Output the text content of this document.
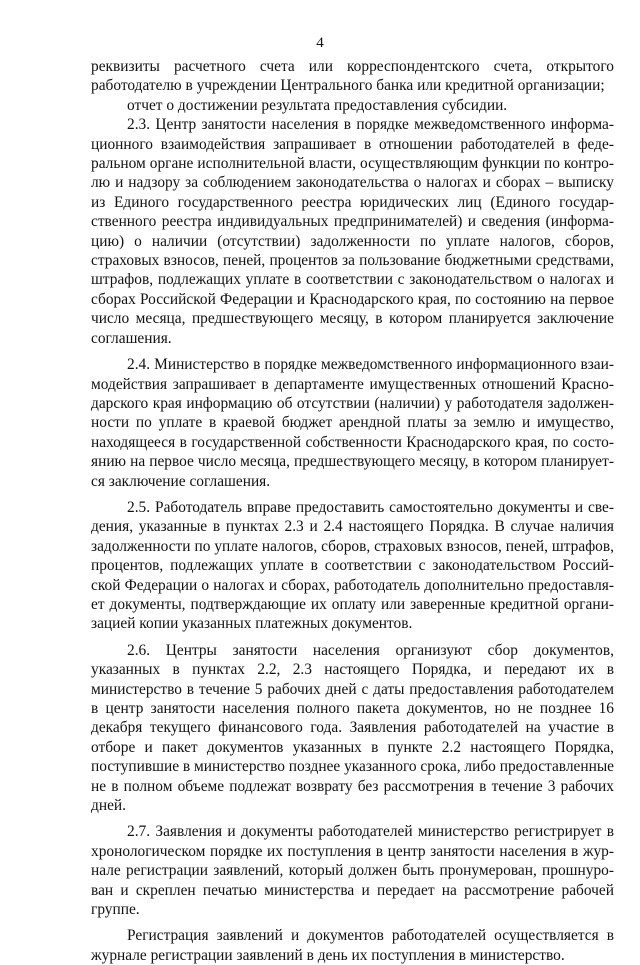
4

реквизиты расчетного счета или корреспондентского счета, открытого работодателю в учреждении Центрального банка или кредитной организации;

отчет о достижении результата предоставления субсидии.

2.3. Центр занятости населения в порядке межведомственного информационного взаимодействия запрашивает в отношении работодателей в федеральном органе исполнительной власти, осуществляющим функции по контролю и надзору за соблюдением законодательства о налогах и сборах – выписку из Единого государственного реестра юридических лиц (Единого государственного реестра индивидуальных предпринимателей) и сведения (информацию) о наличии (отсутствии) задолженности по уплате налогов, сборов, страховых взносов, пеней, процентов за пользование бюджетными средствами, штрафов, подлежащих уплате в соответствии с законодательством о налогах и сборах Российской Федерации и Краснодарского края, по состоянию на первое число месяца, предшествующего месяцу, в котором планируется заключение соглашения.

2.4. Министерство в порядке межведомственного информационного взаимодействия запрашивает в департаменте имущественных отношений Краснодарского края информацию об отсутствии (наличии) у работодателя задолженности по уплате в краевой бюджет арендной платы за землю и имущество, находящееся в государственной собственности Краснодарского края, по состоянию на первое число месяца, предшествующего месяцу, в котором планируется заключение соглашения.

2.5. Работодатель вправе предоставить самостоятельно документы и сведения, указанные в пунктах 2.3 и 2.4 настоящего Порядка. В случае наличия задолженности по уплате налогов, сборов, страховых взносов, пеней, штрафов, процентов, подлежащих уплате в соответствии с законодательством Российской Федерации о налогах и сборах, работодатель дополнительно предоставляет документы, подтверждающие их оплату или заверенные кредитной организацией копии указанных платежных документов.

2.6. Центры занятости населения организуют сбор документов, указанных в пунктах 2.2, 2.3 настоящего Порядка, и передают их в министерство в течение 5 рабочих дней с даты предоставления работодателем в центр занятости населения полного пакета документов, но не позднее 16 декабря текущего финансового года. Заявления работодателей на участие в отборе и пакет документов указанных в пункте 2.2 настоящего Порядка, поступившие в министерство позднее указанного срока, либо предоставленные не в полном объеме подлежат возврату без рассмотрения в течение 3 рабочих дней.

2.7. Заявления и документы работодателей министерство регистрирует в хронологическом порядке их поступления в центр занятости населения в журнале регистрации заявлений, который должен быть пронумерован, прошнурован и скреплен печатью министерства и передает на рассмотрение рабочей группе.

Регистрация заявлений и документов работодателей осуществляется в журнале регистрации заявлений в день их поступления в министерство.
